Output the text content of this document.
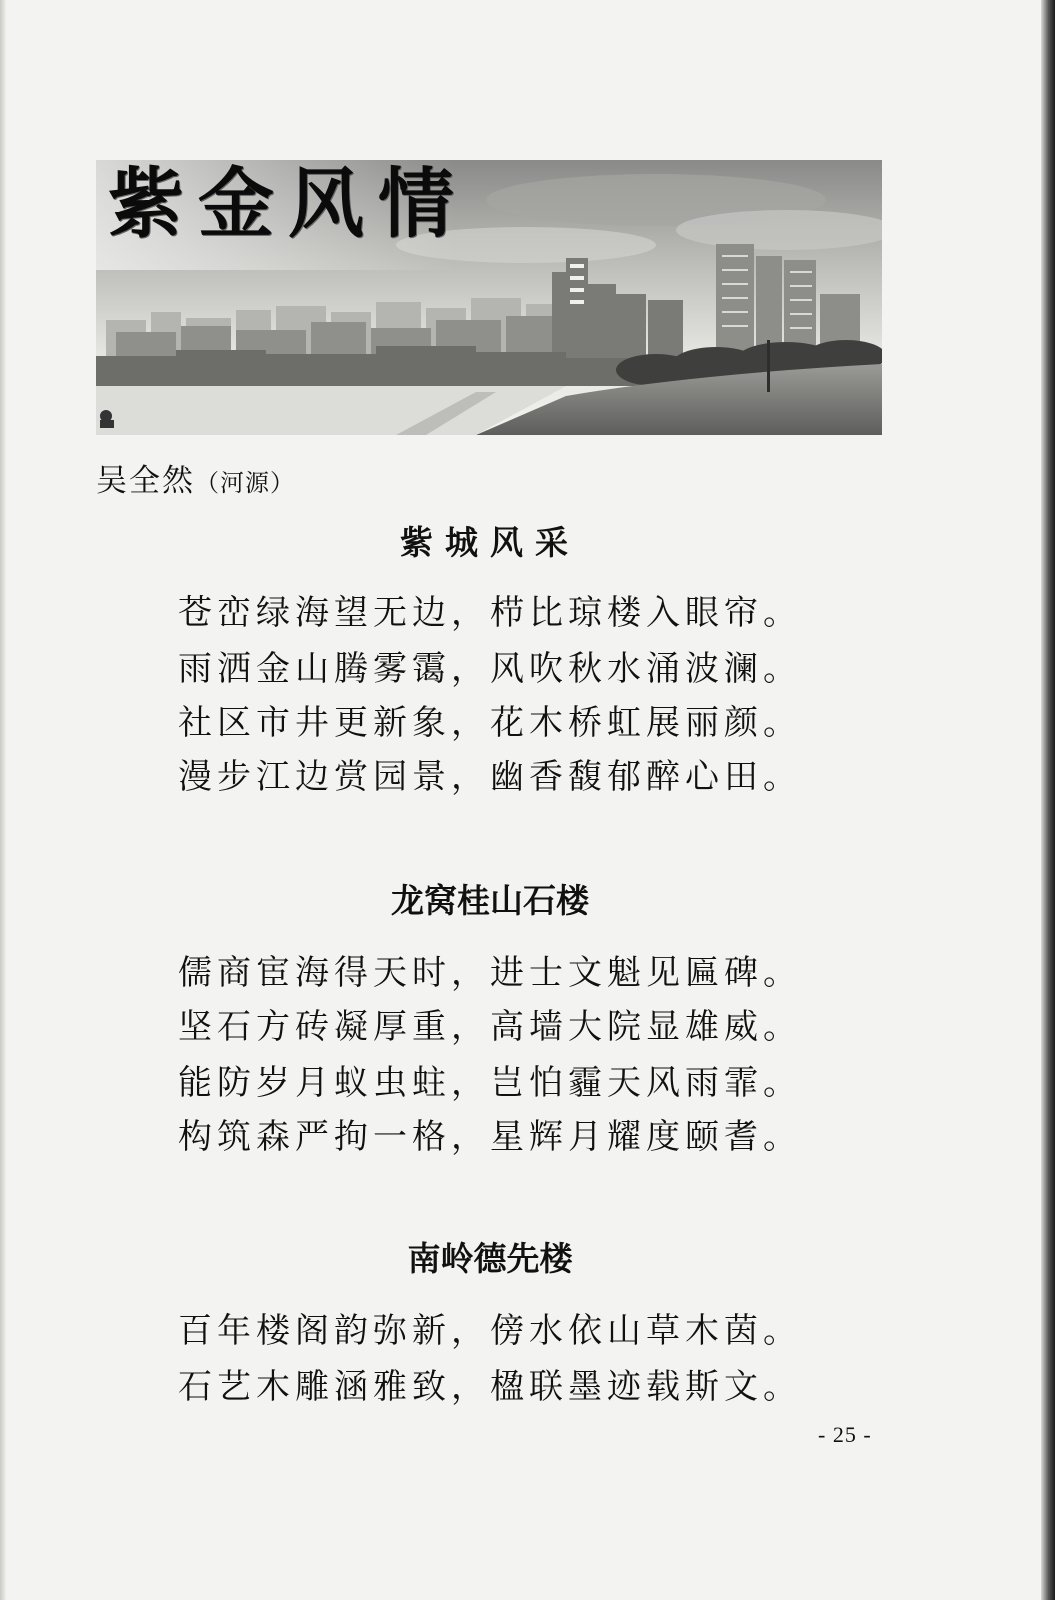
紫金风情
吴全然（河源）
紫城风采
苍峦绿海望无边，栉比琼楼入眼帘。
雨洒金山腾雾霭，风吹秋水涌波澜。
社区市井更新象，花木桥虹展丽颜。
漫步江边赏园景，幽香馥郁醉心田。
龙窝桂山石楼
儒商宦海得天时，进士文魁见匾碑。
坚石方砖凝厚重，高墙大院显雄威。
能防岁月蚁虫蛀，岂怕霾天风雨霏。
构筑森严拘一格，星辉月耀度颐耆。
南岭德先楼
百年楼阁韵弥新，傍水依山草木茵。
石艺木雕涵雅致，楹联墨迹载斯文。
- 25 -
